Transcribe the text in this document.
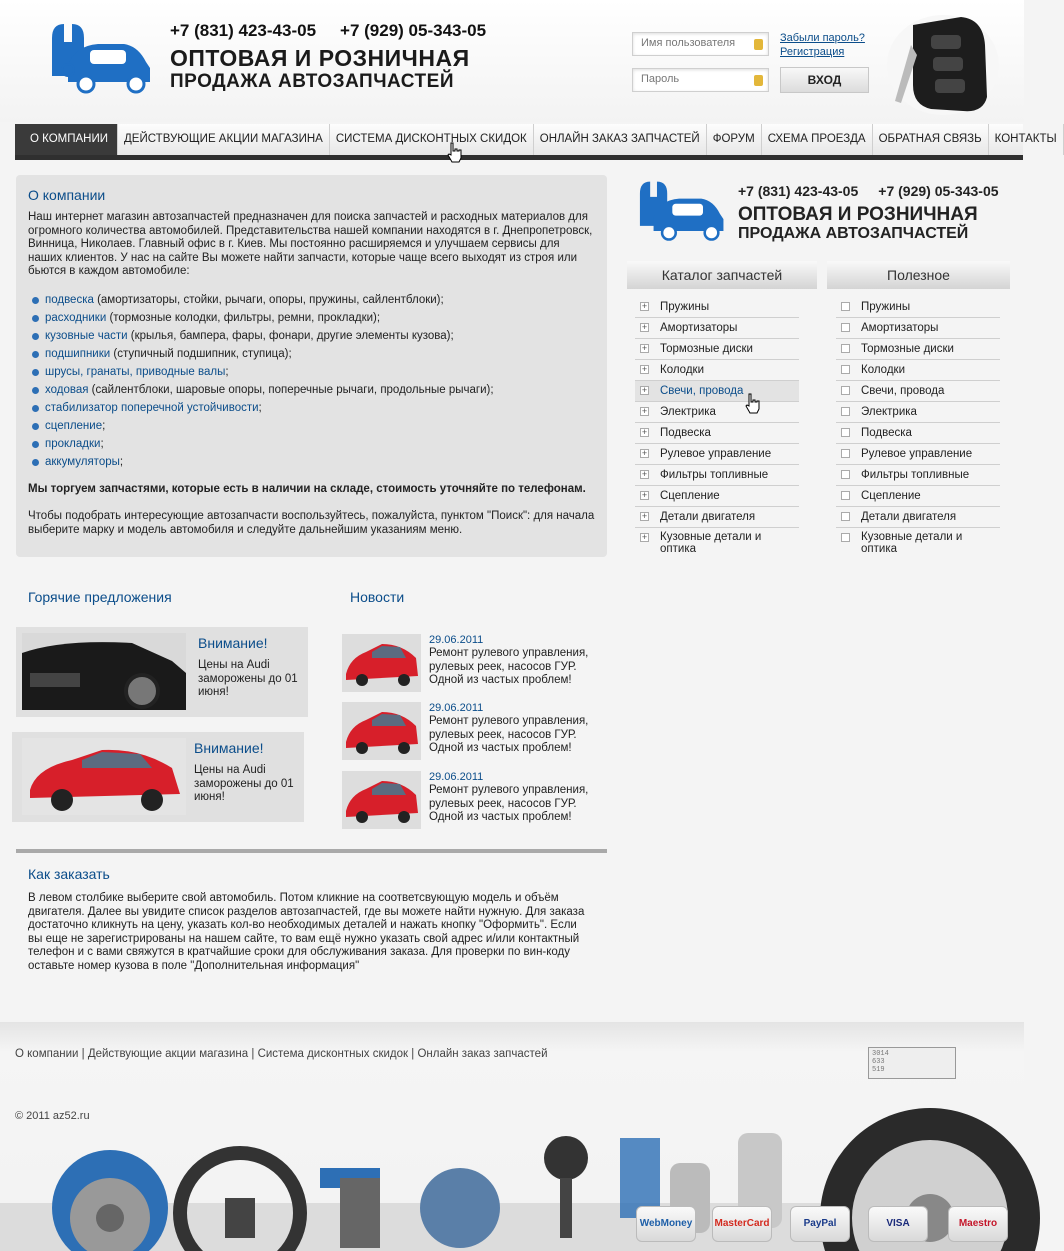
+7 (831) 423-43-05 +7 (929) 05-343-05
ОПТОВАЯ И РОЗНИЧНАЯ
ПРОДАЖА АВТОЗАПЧАСТЕЙ
Имя пользователя
Пароль
Забыли пароль?
Регистрация
ВХОД
О КОМПАНИИ	ДЕЙСТВУЮЩИЕ АКЦИИ МАГАЗИНА	СИСТЕМА ДИСКОНТНЫХ СКИДОК	ОНЛАЙН ЗАКАЗ ЗАПЧАСТЕЙ	ФОРУМ	СХЕМА ПРОЕЗДА	ОБРАТНАЯ СВЯЗЬ	КОНТАКТЫ
О компании

Наш интернет магазин автозапчастей предназначен для поиска запчастей и расходных материалов для огромного количества автомобилей. Представительства нашей компании находятся в г. Днепропетровск, Винница, Николаев. Главный офис в г. Киев. Мы постоянно расширяемся и улучшаем сервисы для наших клиентов. У нас на сайте Вы можете найти запчасти, которые чаще всего выходят из строя или бьются в каждом автомобиле:

подвеска (амортизаторы, стойки, рычаги, опоры, пружины, сайлентблоки);
расходники (тормозные колодки, фильтры, ремни, прокладки);
кузовные части (крылья, бампера, фары, фонари, другие элементы кузова);
подшипники (ступичный подшипник, ступица);
шрусы, гранаты, приводные валы;
ходовая (сайлентблоки, шаровые опоры, поперечные рычаги, продольные рычаги);
стабилизатор поперечной устойчивости;
сцепление;
прокладки;
аккумуляторы;

Мы торгуем запчастями, которые есть в наличии на складе, стоимость уточняйте по телефонам.

Чтобы подобрать интересующие автозапчасти воспользуйтесь, пожалуйста, пунктом "Поиск": для начала выберите марку и модель автомобиля и следуйте дальнейшим указаниям меню.

Горячие предложения	Новости
Внимание!
Цены на Audi заморожены до 01 июня!
Внимание!
Цены на Audi заморожены до 01 июня!
29.06.2011
Ремонт рулевого управления, рулевых реек, насосов ГУР. Одной из частых проблем!
29.06.2011
Ремонт рулевого управления, рулевых реек, насосов ГУР. Одной из частых проблем!
29.06.2011
Ремонт рулевого управления, рулевых реек, насосов ГУР. Одной из частых проблем!
Как заказать

В левом столбике выберите свой автомобиль. Потом кликние на соответсвующую модель и объём двигателя. Далее вы увидите список разделов автозапчастей, где вы можете найти нужную. Для заказа достаточно кликнуть на цену, указать кол-во необходимых деталей и нажать кнопку "Оформить". Если вы еще не зарегистрированы на нашем сайте, то вам ещё нужно указать свой адрес и/или контактный телефон и с вами свяжутся в кратчайшие сроки для обслуживания заказа. Для проверки по вин-коду оставьте номер кузова в поле "Дополнительная информация"

+7 (831) 423-43-05 +7 (929) 05-343-05
ОПТОВАЯ И РОЗНИЧНАЯ
ПРОДАЖА АВТОЗАПЧАСТЕЙ
Каталог запчастей	Полезное
+ Пружины
+ Амортизаторы
+ Тормозные диски
+ Колодки
+ Свечи, провода
+ Электрика
+ Подвеска
+ Рулевое управление
+ Фильтры топливные
+ Сцепление
+ Детали двигателя
+ Кузовные детали и оптика
Пружины
Амортизаторы
Тормозные диски
Колодки
Свечи, провода
Электрика
Подвеска
Рулевое управление
Фильтры топливные
Сцепление
Детали двигателя
Кузовные детали и оптика
О компании | Действующие акции магазина | Система дисконтных скидок | Онлайн заказ запчастей
© 2011 az52.ru
3014
633
519
WebMoney	MasterCard	PayPal	VISA	Maestro
